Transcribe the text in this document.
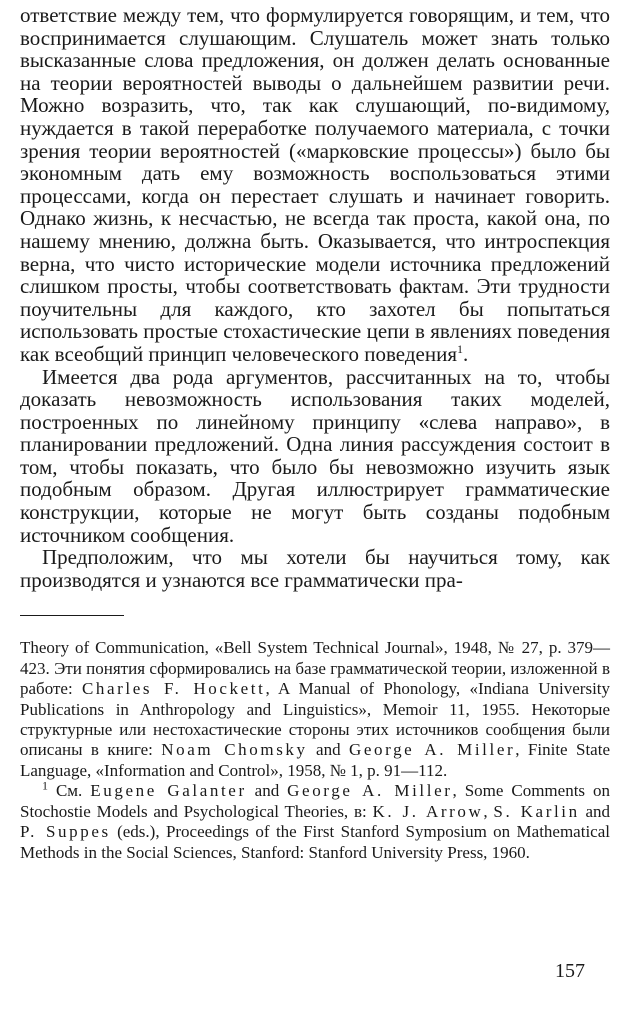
ответствие между тем, что формулируется говорящим, и тем, что воспринимается слушающим. Слушатель может знать только высказанные слова предложения, он должен делать основанные на теории вероятностей выводы о дальнейшем развитии речи. Можно возразить, что, так как слушающий, по-видимому, нуждается в такой переработке получаемого материала, с точки зрения теории вероятностей («марковские процессы») было бы экономным дать ему возможность воспользоваться этими процессами, когда он перестает слушать и начинает говорить. Однако жизнь, к несчастью, не всегда так проста, какой она, по нашему мнению, должна быть. Оказывается, что интроспекция верна, что чисто исторические модели источника предложений слишком просты, чтобы соответствовать фактам. Эти трудности поучительны для каждого, кто захотел бы попытаться использовать простые стохастические цепи в явлениях поведения как всеобщий принцип человеческого поведения$^1$.

Имеется два рода аргументов, рассчитанных на то, чтобы доказать невозможность использования таких моделей, построенных по линейному принципу «слева направо», в планировании предложений. Одна линия рассуждения состоит в том, чтобы показать, что было бы невозможно изучить язык подобным образом. Другая иллюстрирует грамматические конструкции, которые не могут быть созданы подобным источником сообщения.

Предположим, что мы хотели бы научиться тому, как производятся и узнаются все грамматически пра-

Theory of Communication, «Bell System Technical Journal», 1948, № 27, p. 379—423. Эти понятия сформировались на базе грамматической теории, изложенной в работе: Charles F. Hockett, A Manual of Phonology, «Indiana University Publications in Anthropology and Linguistics», Memoir 11, 1955. Некоторые структурные или нестохастические стороны этих источников сообщения были описаны в книге: Noam Chomsky and George A. Miller, Finite State Language, «Information and Control», 1958, № 1, p. 91—112.

$^1$ См. Eugene Galanter and George A. Miller, Some Comments on Stochostie Models and Psychological Theories, в: K. J. Arrow, S. Karlin and P. Suppes (eds.), Proceedings of the First Stanford Symposium on Mathematical Methods in the Social Sciences, Stanford: Stanford University Press, 1960.

157
